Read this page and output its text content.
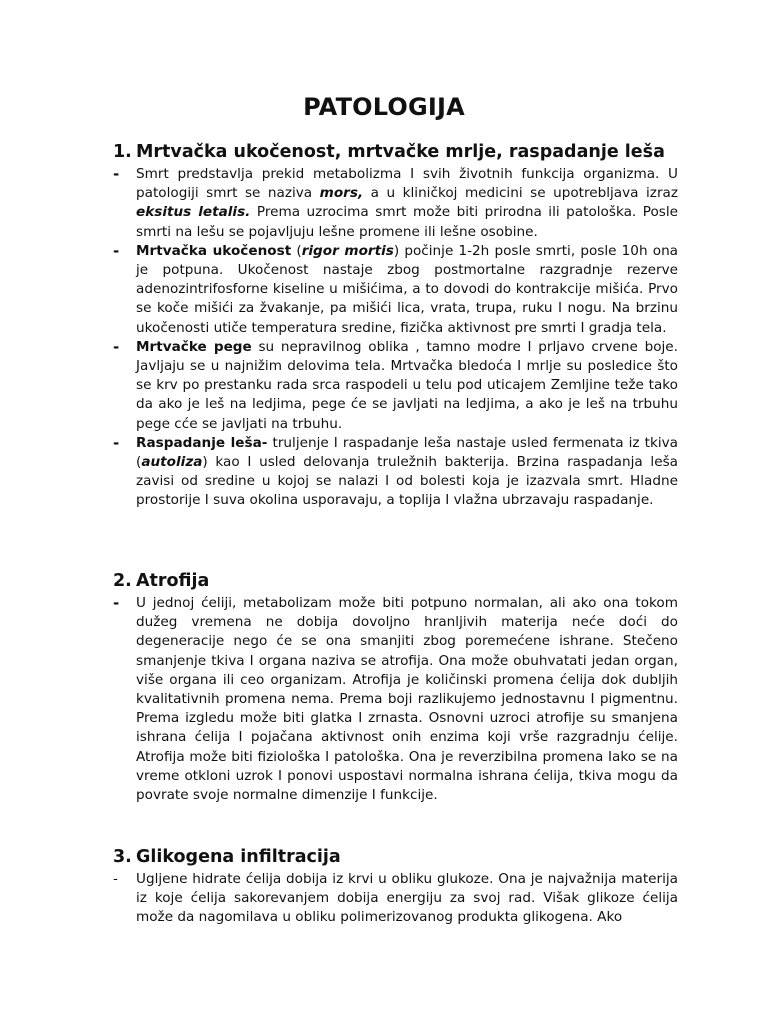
PATOLOGIJA
1. Mrtvačka ukočenost, mrtvačke mrlje, raspadanje leša
-	Smrt predstavlja prekid metabolizma I svih životnih funkcija organizma. U patologiji smrt se naziva mors, a u kliničkoj medicini se upotrebljava izraz eksitus letalis. Prema uzrocima smrt može biti prirodna ili patološka. Posle smrti na lešu se pojavljuju lešne promene ili lešne osobine.

-	Mrtvačka ukočenost (rigor mortis) počinje 1-2h posle smrti, posle 10h ona je potpuna. Ukočenost nastaje zbog postmortalne razgradnje rezerve adenozintrifosforne kiseline u mišićima, a to dovodi do kontrakcije mišića. Prvo se koče mišići za žvakanje, pa mišići lica, vrata, trupa, ruku I nogu. Na brzinu ukočenosti utiče temperatura sredine, fizička aktivnost pre smrti I gradja tela.

-	Mrtvačke pege su nepravilnog oblika , tamno modre I prljavo crvene boje. Javljaju se u najnižim delovima tela. Mrtvačka bledoća I mrlje su posledice što se krv po prestanku rada srca raspodeli u telu pod uticajem Zemljine teže tako da ako je leš na ledjima, pege će se javljati na ledjima, a ako je leš na trbuhu pege cće se javljati na trbuhu.

-	Raspadanje leša- truljenje I raspadanje leša nastaje usled fermenata iz tkiva (autoliza) kao I usled delovanja truležnih bakterija. Brzina raspadanja leša zavisi od sredine u kojoj se nalazi I od bolesti koja je izazvala smrt. Hladne prostorije I suva okolina usporavaju, a toplija I vlažna ubrzavaju raspadanje.

2. Atrofija
-	U jednoj ćeliji, metabolizam može biti potpuno normalan, ali ako ona tokom dužeg vremena ne dobija dovoljno hranljivih materija neće doći do degeneracije nego će se ona smanjiti zbog poremećene ishrane. Stečeno smanjenje tkiva I organa naziva se atrofija. Ona može obuhvatati jedan organ, više organa ili ceo organizam. Atrofija je količinski promena ćelija dok dubljih kvalitativnih promena nema. Prema boji razlikujemo jednostavnu I pigmentnu. Prema izgledu može biti glatka I zrnasta. Osnovni uzroci atrofije su smanjena ishrana ćelija I pojačana aktivnost onih enzima koji vrše razgradnju ćelije. Atrofija može biti fiziološka I patološka. Ona je reverzibilna promena Iako se na vreme otkloni uzrok I ponovi uspostavi normalna ishrana ćelija, tkiva mogu da povrate svoje normalne dimenzije I funkcije.

3. Glikogena infiltracija
-	Ugljene hidrate ćelija dobija iz krvi u obliku glukoze. Ona je najvažnija materija iz koje ćelija sakorevanjem dobija energiju za svoj rad. Višak glikoze ćelija može da nagomilava u obliku polimerizovanog produkta glikogena. Ako
